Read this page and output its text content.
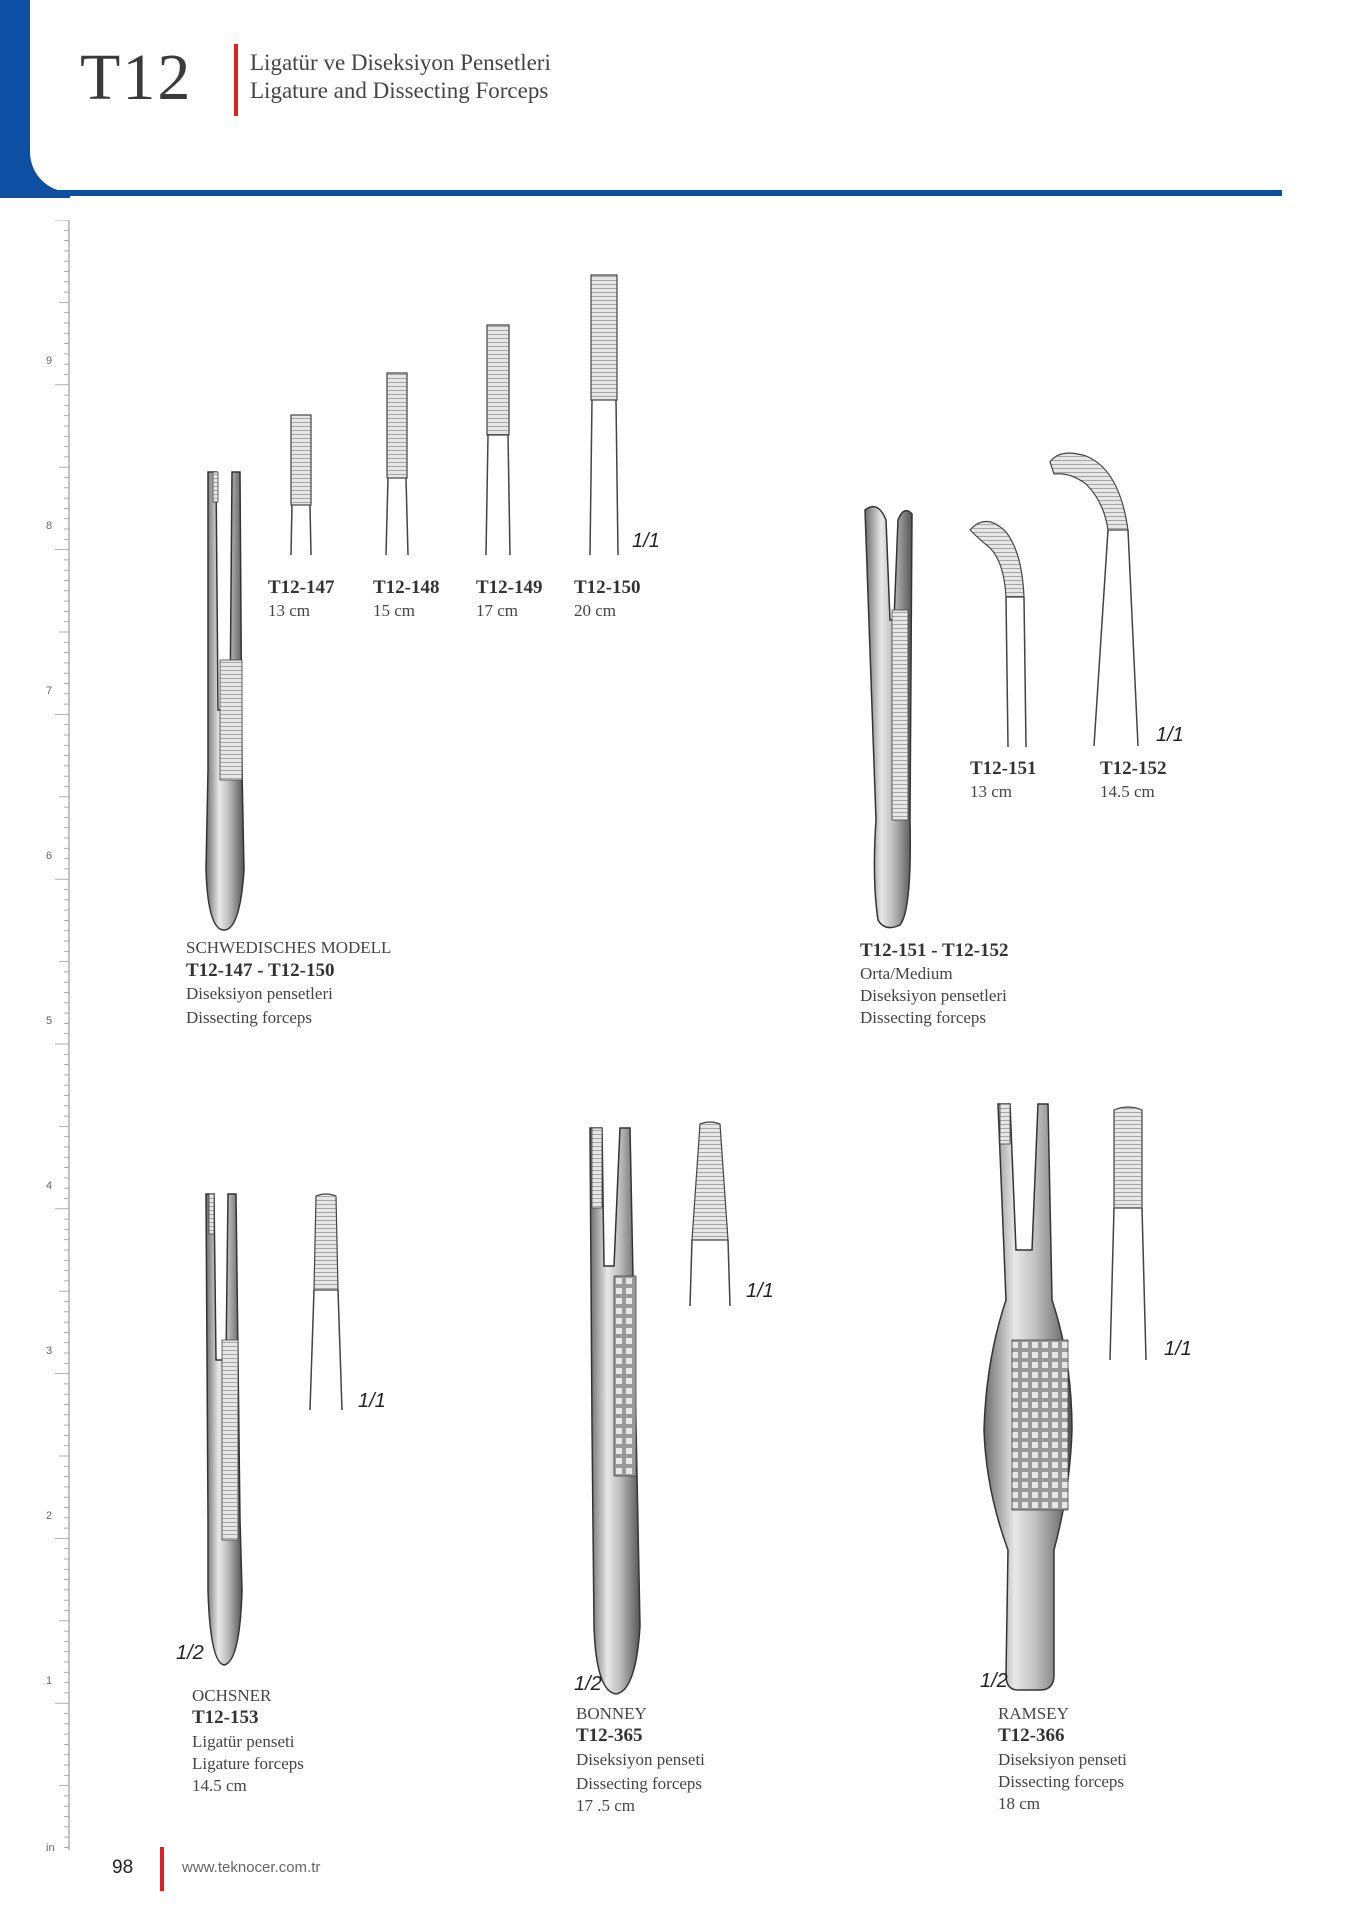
T12	Ligatür ve Diseksiyon Pensetleri
Ligature and Dissecting Forceps
9
8
7
6
5
4
3
2
1
in
1/1
T12-147
13 cm
T12-148
15 cm
T12-149
17 cm
T12-150
20 cm
SCHWEDISCHES MODELL
T12-147 - T12-150
Diseksiyon pensetleri
Dissecting forceps
1/1
T12-151
13 cm
T12-152
14.5 cm
T12-151 - T12-152
Orta/Medium
Diseksiyon pensetleri
Dissecting forceps
1/1
1/2
OCHSNER
T12-153
Ligatür penseti
Ligature forceps
14.5 cm
1/1
1/2
BONNEY
T12-365
Diseksiyon penseti
Dissecting forceps
17 .5 cm
1/1
1/2
RAMSEY
T12-366
Diseksiyon penseti
Dissecting forceps
18 cm
98	www.teknocer.com.tr
